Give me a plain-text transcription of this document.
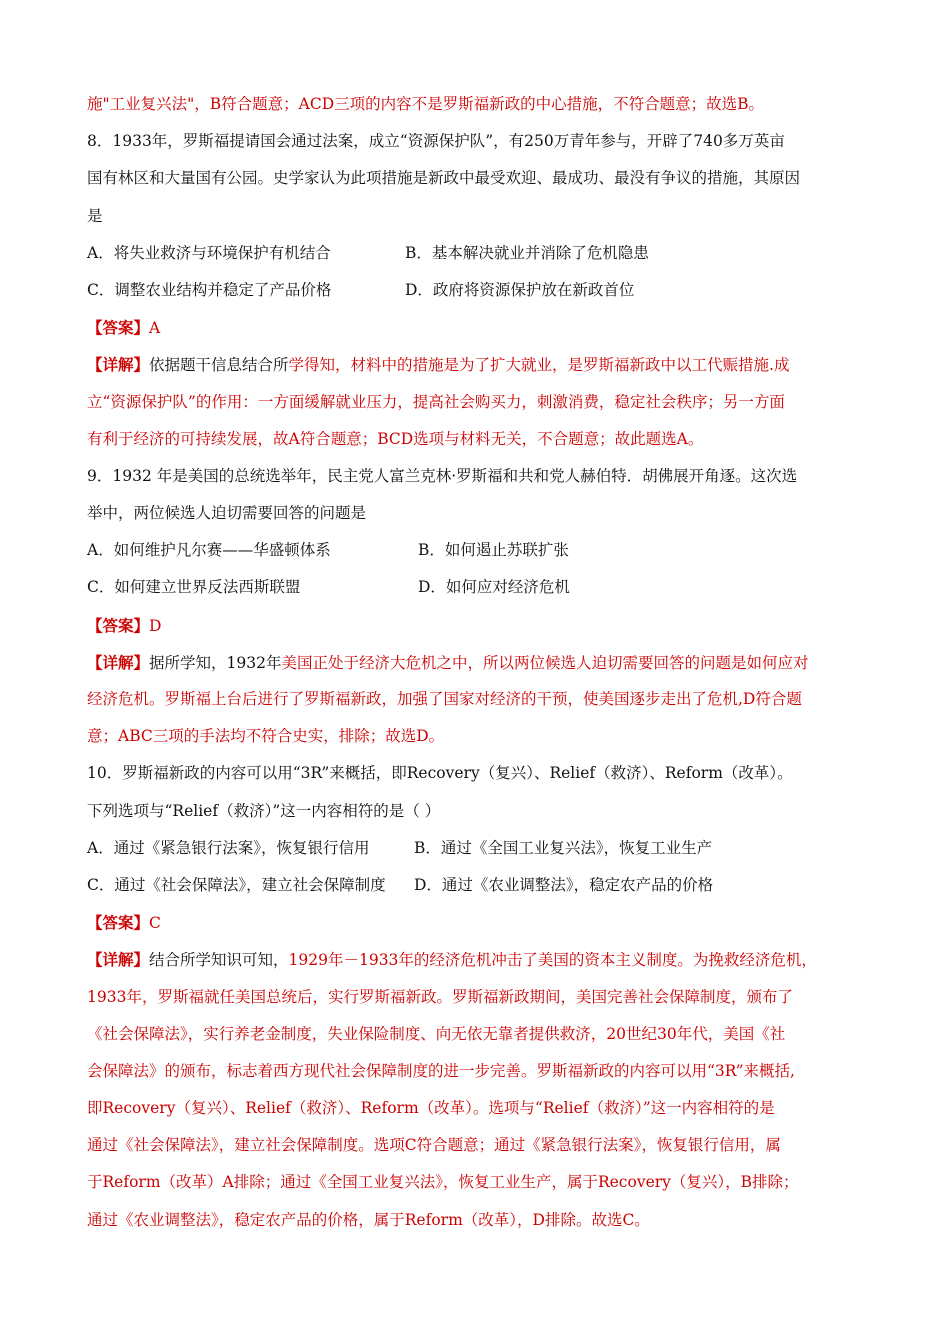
施"工业复兴法"，B符合题意；ACD三项的内容不是罗斯福新政的中心措施，不符合题意；故选B。
8．1933年，罗斯福提请国会通过法案，成立“资源保护队”，有250万青年参与，开辟了740多万英亩
国有林区和大量国有公园。史学家认为此项措施是新政中最受欢迎、最成功、最没有争议的措施，其原因
是
A．将失业救济与环境保护有机结合	B．基本解决就业并消除了危机隐患
C．调整农业结构并稳定了产品价格	D．政府将资源保护放在新政首位
【答案】A
【详解】依据题干信息结合所学得知，材料中的措施是为了扩大就业，是罗斯福新政中以工代赈措施.成
立“资源保护队”的作用：一方面缓解就业压力，提高社会购买力，刺激消费，稳定社会秩序；另一方面
有利于经济的可持续发展，故A符合题意；BCD选项与材料无关，不合题意；故此题选A。
9．1932 年是美国的总统选举年，民主党人富兰克林·罗斯福和共和党人赫伯特．胡佛展开角逐。这次选
举中，两位候选人迫切需要回答的问题是
A．如何维护凡尔赛——华盛顿体系	B．如何遏止苏联扩张
C．如何建立世界反法西斯联盟	D．如何应对经济危机
【答案】D
【详解】据所学知，1932年美国正处于经济大危机之中，所以两位候选人迫切需要回答的问题是如何应对
经济危机。罗斯福上台后进行了罗斯福新政，加强了国家对经济的干预，使美国逐步走出了危机,D符合题
意；ABC三项的手法均不符合史实，排除；故选D。
10．罗斯福新政的内容可以用“3R”来概括，即Recovery（复兴）、Relief（救济）、Reform（改革）。
下列选项与“Relief（救济）”这一内容相符的是（ ）
A．通过《紧急银行法案》，恢复银行信用	B．通过《全国工业复兴法》，恢复工业生产
C．通过《社会保障法》，建立社会保障制度	D．通过《农业调整法》，稳定农产品的价格
【答案】C
【详解】结合所学知识可知，1929年－1933年的经济危机冲击了美国的资本主义制度。为挽救经济危机，
1933年，罗斯福就任美国总统后，实行罗斯福新政。罗斯福新政期间，美国完善社会保障制度，颁布了
《社会保障法》，实行养老金制度，失业保险制度、向无依无靠者提供救济，20世纪30年代，美国《社
会保障法》的颁布，标志着西方现代社会保障制度的进一步完善。罗斯福新政的内容可以用“3R”来概括,
即Recovery（复兴）、Relief（救济）、Reform（改革）。选项与“Relief（救济）”这一内容相符的是
通过《社会保障法》，建立社会保障制度。选项C符合题意；通过《紧急银行法案》，恢复银行信用，属
于Reform（改革）A排除；通过《全国工业复兴法》，恢复工业生产，属于Recovery（复兴），B排除；
通过《农业调整法》，稳定农产品的价格，属于Reform（改革），D排除。故选C。
